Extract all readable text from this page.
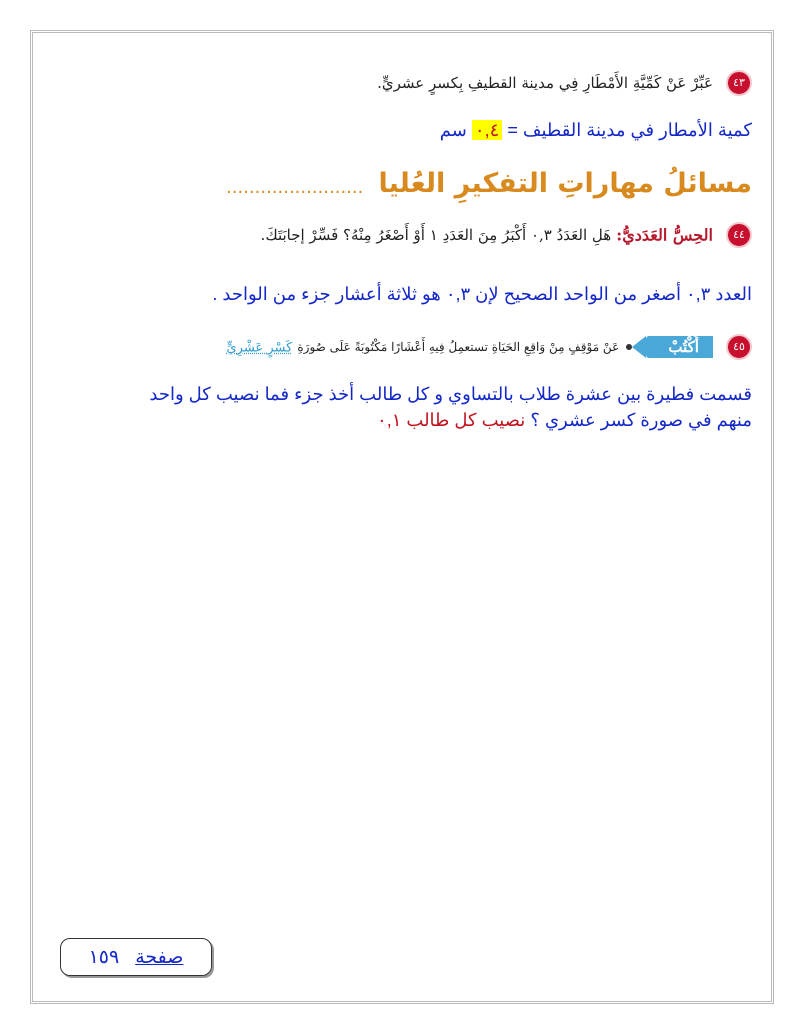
٤٣ عَبِّرْ عَنْ كَمِّيَّةِ الأَمْطَارِ فِي مدينة القطيفِ بِكسرٍ عشريٍّ.
كمية الأمطار في مدينة القطيف = ٠,٤ سم
مسائلُ مهاراتِ التفكيرِ العُليا ........................
٤٤ الحِسُّ العَدَديُّ: هَلِ العَدَدُ ٠,٣ أَكْبَرُ مِنَ العَدَدِ ١ أَوْ أَصْغَرُ مِنْهُ؟ فَسِّرْ إجابَتَكَ.
العدد ٠,٣ أصغر من الواحد الصحيح لإن ٠,٣ هو ثلاثة أعشار جزء من الواحد .
٤٥ أُكْتُبْ
عَنْ مَوْقِفٍ مِنْ وَاقِعِ الحَيَاةِ تستعمِلُ فِيهِ أَعْشَارًا مَكْتُوبَةً عَلَى صُورَةِ كَسْرٍ عَشْرِيٍّ
قسمت فطيرة بين عشرة طلاب بالتساوي و كل طالب أخذ جزء فما نصيب كل واحد
منهم في صورة كسر عشري ؟ نصيب كل طالب ٠,١
صفحة ١٥٩
